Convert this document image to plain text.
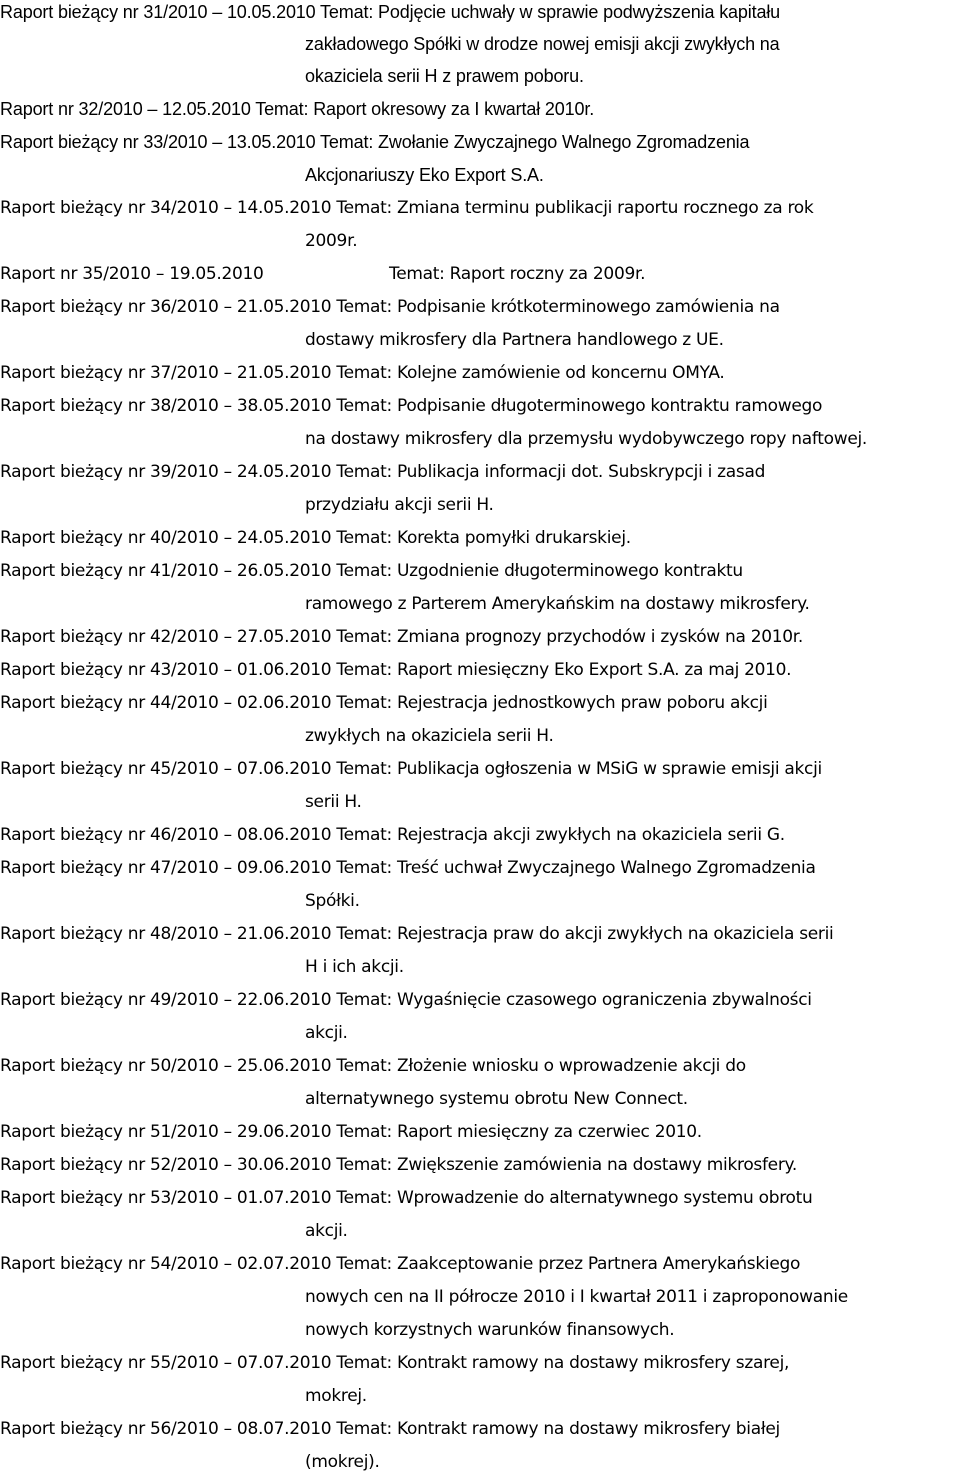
Raport bieżący nr 31/2010 – 10.05.2010 Temat: Podjęcie uchwały w sprawie podwyższenia kapitału
zakładowego Spółki w drodze nowej emisji akcji zwykłych na
okaziciela serii H z prawem poboru.
Raport nr 32/2010 – 12.05.2010 Temat: Raport okresowy za I kwartał 2010r.
Raport bieżący nr 33/2010 – 13.05.2010 Temat: Zwołanie Zwyczajnego Walnego Zgromadzenia
Akcjonariuszy Eko Export S.A.
Raport bieżący nr 34/2010 – 14.05.2010 Temat: Zmiana terminu publikacji raportu rocznego za rok
2009r.
Raport nr 35/2010 – 19.05.2010	Temat: Raport roczny za 2009r.
Raport bieżący nr 36/2010 – 21.05.2010 Temat: Podpisanie krótkoterminowego zamówienia na
dostawy mikrosfery dla Partnera handlowego z UE.
Raport bieżący nr 37/2010 – 21.05.2010 Temat: Kolejne zamówienie od koncernu OMYA.
Raport bieżący nr 38/2010 – 38.05.2010 Temat: Podpisanie długoterminowego kontraktu ramowego
na dostawy mikrosfery dla przemysłu wydobywczego ropy naftowej.
Raport bieżący nr 39/2010 – 24.05.2010 Temat: Publikacja informacji dot. Subskrypcji i zasad
przydziału akcji serii H.
Raport bieżący nr 40/2010 – 24.05.2010 Temat: Korekta pomyłki drukarskiej.
Raport bieżący nr 41/2010 – 26.05.2010 Temat: Uzgodnienie długoterminowego kontraktu
ramowego z Parterem Amerykańskim na dostawy mikrosfery.
Raport bieżący nr 42/2010 – 27.05.2010 Temat: Zmiana prognozy przychodów i zysków na 2010r.
Raport bieżący nr 43/2010 – 01.06.2010 Temat: Raport miesięczny Eko Export S.A. za maj 2010.
Raport bieżący nr 44/2010 – 02.06.2010 Temat: Rejestracja jednostkowych praw poboru akcji
zwykłych na okaziciela serii H.
Raport bieżący nr 45/2010 – 07.06.2010 Temat: Publikacja ogłoszenia w MSiG w sprawie emisji akcji
serii H.
Raport bieżący nr 46/2010 – 08.06.2010 Temat: Rejestracja akcji zwykłych na okaziciela serii G.
Raport bieżący nr 47/2010 – 09.06.2010 Temat: Treść uchwał Zwyczajnego Walnego Zgromadzenia
Spółki.
Raport bieżący nr 48/2010 – 21.06.2010 Temat: Rejestracja praw do akcji zwykłych na okaziciela serii
H i ich akcji.
Raport bieżący nr 49/2010 – 22.06.2010 Temat: Wygaśnięcie czasowego ograniczenia zbywalności
akcji.
Raport bieżący nr 50/2010 – 25.06.2010 Temat: Złożenie wniosku o wprowadzenie akcji do
alternatywnego systemu obrotu New Connect.
Raport bieżący nr 51/2010 – 29.06.2010 Temat: Raport miesięczny za czerwiec 2010.
Raport bieżący nr 52/2010 – 30.06.2010 Temat: Zwiększenie zamówienia na dostawy mikrosfery.
Raport bieżący nr 53/2010 – 01.07.2010 Temat: Wprowadzenie do alternatywnego systemu obrotu
akcji.
Raport bieżący nr 54/2010 – 02.07.2010 Temat: Zaakceptowanie przez Partnera Amerykańskiego
nowych cen na II półrocze 2010 i I kwartał 2011 i zaproponowanie
nowych korzystnych warunków finansowych.
Raport bieżący nr 55/2010 – 07.07.2010 Temat: Kontrakt ramowy na dostawy mikrosfery szarej,
mokrej.
Raport bieżący nr 56/2010 – 08.07.2010 Temat: Kontrakt ramowy na dostawy mikrosfery białej
(mokrej).
